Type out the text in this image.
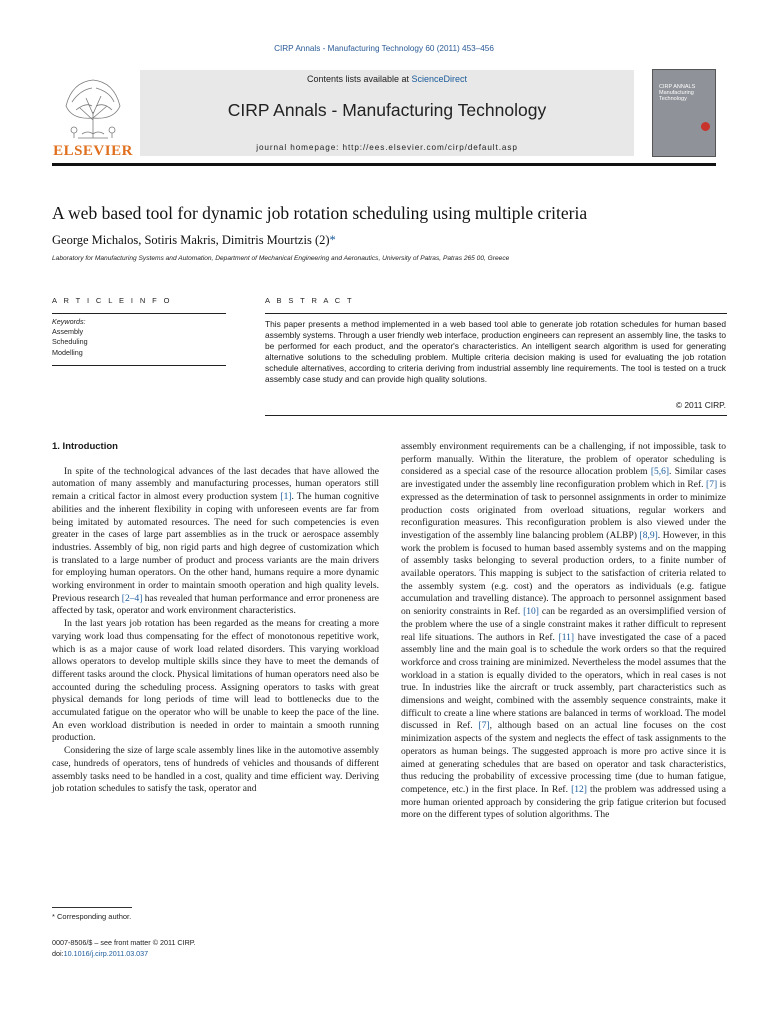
CIRP Annals - Manufacturing Technology 60 (2011) 453–456
Contents lists available at ScienceDirect
CIRP Annals - Manufacturing Technology
journal homepage: http://ees.elsevier.com/cirp/default.asp
ELSEVIER
CIRP ANNALS
Manufacturing
Technology
A web based tool for dynamic job rotation scheduling using multiple criteria
George Michalos, Sotiris Makris, Dimitris Mourtzis (2)*
Laboratory for Manufacturing Systems and Automation, Department of Mechanical Engineering and Aeronautics, University of Patras, Patras 265 00, Greece
A R T I C L E I N F O
Keywords:
Assembly
Scheduling
Modelling
A B S T R A C T
This paper presents a method implemented in a web based tool able to generate job rotation schedules for human based assembly systems. Through a user friendly web interface, production engineers can represent an assembly line, the tasks to be performed for each product, and the operator's characteristics. An intelligent search algorithm is used for generating alternative solutions to the scheduling problem. Multiple criteria decision making is used for evaluating the job rotation schedule alternatives, according to criteria deriving from industrial assembly line requirements. The tool is tested on a truck assembly case study and can provide high quality solutions.
© 2011 CIRP.
1. Introduction

In spite of the technological advances of the last decades that have allowed the automation of many assembly and manufacturing processes, human operators still remain a critical factor in almost every production system [1]. The human cognitive abilities and the inherent flexibility in coping with unforeseen events are far from being imitated by automated resources. The need for such competencies is even greater in the cases of large part assemblies as in the truck or aerospace assembly industries. Assembly of big, non rigid parts and high degree of customization which is translated to a large number of product and process variants are the main drivers for employing human operators. On the other hand, humans require a more dynamic working environment in order to maintain smooth operation and high quality levels. Previous research [2–4] has revealed that human performance and error proneness are affected by task, operator and work environment characteristics.

In the last years job rotation has been regarded as the means for creating a more varying work load thus compensating for the effect of monotonous repetitive work, which is as a major cause of work load related disorders. This varying workload allows operators to develop multiple skills since they have to meet the demands of different tasks around the clock. Physical limitations of human operators need also be accounted during the scheduling process. Assigning operators to tasks with great physical demands for long periods of time will lead to bottlenecks due to the accumulated fatigue on the operator who will be unable to keep the pace of the line. An even workload distribution is needed in order to maintain a smooth running production.

Considering the size of large scale assembly lines like in the automotive assembly case, hundreds of operators, tens of hundreds of vehicles and thousands of different assembly tasks need to be handled in a cost, quality and time efficient way. Deriving job rotation schedules to satisfy the task, operator and

assembly environment requirements can be a challenging, if not impossible, task to perform manually. Within the literature, the problem of operator scheduling is considered as a special case of the resource allocation problem [5,6]. Similar cases are investigated under the assembly line reconfiguration problem which in Ref. [7] is expressed as the determination of task to personnel assignments in order to minimize production costs originated from overload situations, regular workers and reconfiguration measures. This reconfiguration problem is also viewed under the investigation of the assembly line balancing problem (ALBP) [8,9]. However, in this work the problem is focused to human based assembly systems and on the mapping of assembly tasks belonging to several production orders, to a finite number of available operators. This mapping is subject to the satisfaction of criteria related to the assembly system (e.g. cost) and the operators as individuals (e.g. fatigue accumulation and travelling distance). The approach to personnel assignment based on seniority constraints in Ref. [10] can be regarded as an oversimplified version of the problem where the use of a single constraint makes it rather difficult to represent real life situations. The authors in Ref. [11] have investigated the case of a paced assembly line and the main goal is to schedule the work orders so that the required workforce and cross training are minimized. Nevertheless the model assumes that the workload in a station is equally divided to the operators, which in real cases is not true. In industries like the aircraft or truck assembly, part characteristics such as dimensions and weight, combined with the assembly sequence constraints, make it difficult to create a line where stations are balanced in terms of workload. The model discussed in Ref. [7], although based on an actual line focuses on the cost minimization aspects of the system and neglects the effect of task assignments to the operators as human beings. The suggested approach is more pro active since it is aimed at generating schedules that are based on operator and task characteristics, thus reducing the probability of excessive processing time (due to human fatigue, competence, etc.) in the first place. In Ref. [12] the problem was addressed using a more human oriented approach by considering the grip fatigue criterion but focused more on the different types of solution algorithms. The

* Corresponding author.
0007-8506/$ – see front matter © 2011 CIRP.
doi:10.1016/j.cirp.2011.03.037
